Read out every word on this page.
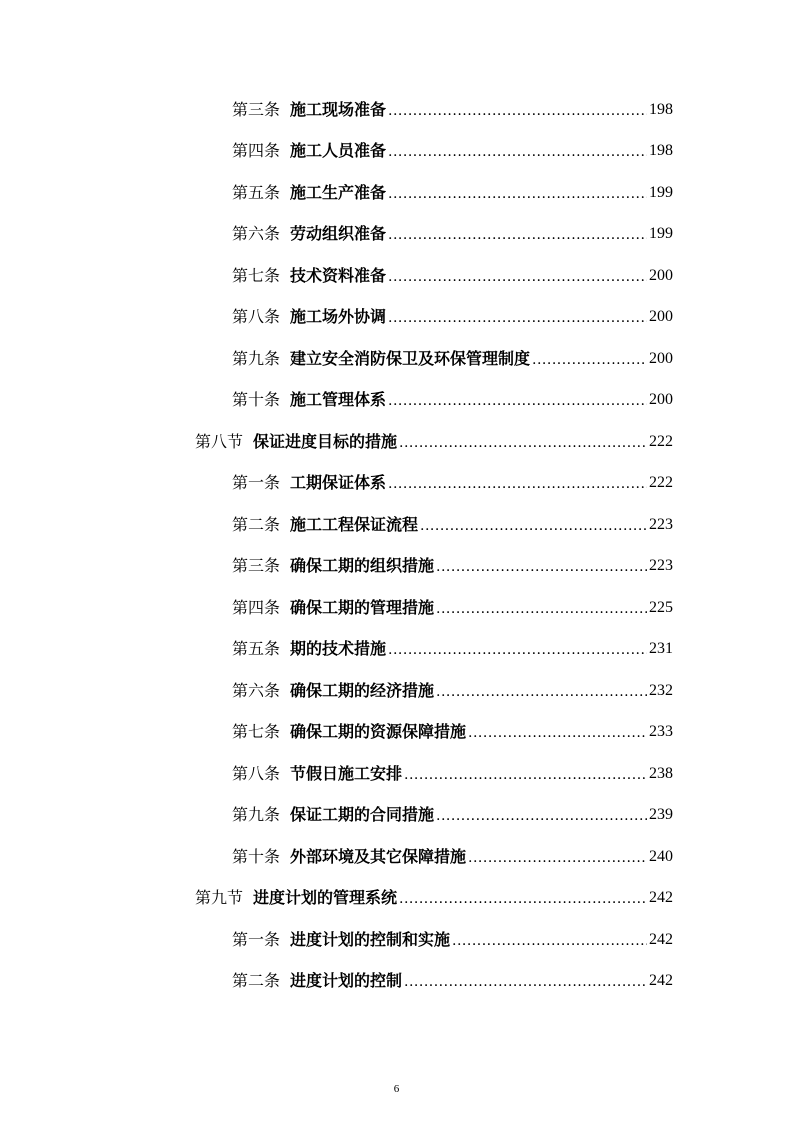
第三条 施工现场准备 .....	198
第四条 施工人员准备 .....	198
第五条 施工生产准备 .....	199
第六条 劳动组织准备 .....	199
第七条 技术资料准备 .....	200
第八条 施工场外协调 .....	200
第九条 建立安全消防保卫及环保管理制度 .....	200
第十条 施工管理体系 .....	200
第八节 保证进度目标的措施 .....	222
第一条 工期保证体系 .....	222
第二条 施工工程保证流程 .....	223
第三条 确保工期的组织措施 .....	223
第四条 确保工期的管理措施 .....	225
第五条 期的技术措施 .....	231
第六条 确保工期的经济措施 .....	232
第七条 确保工期的资源保障措施 .....	233
第八条 节假日施工安排 .....	238
第九条 保证工期的合同措施 .....	239
第十条 外部环境及其它保障措施 .....	240
第九节 进度计划的管理系统 .....	242
第一条 进度计划的控制和实施 .....	242
第二条 进度计划的控制 .....	242
6
